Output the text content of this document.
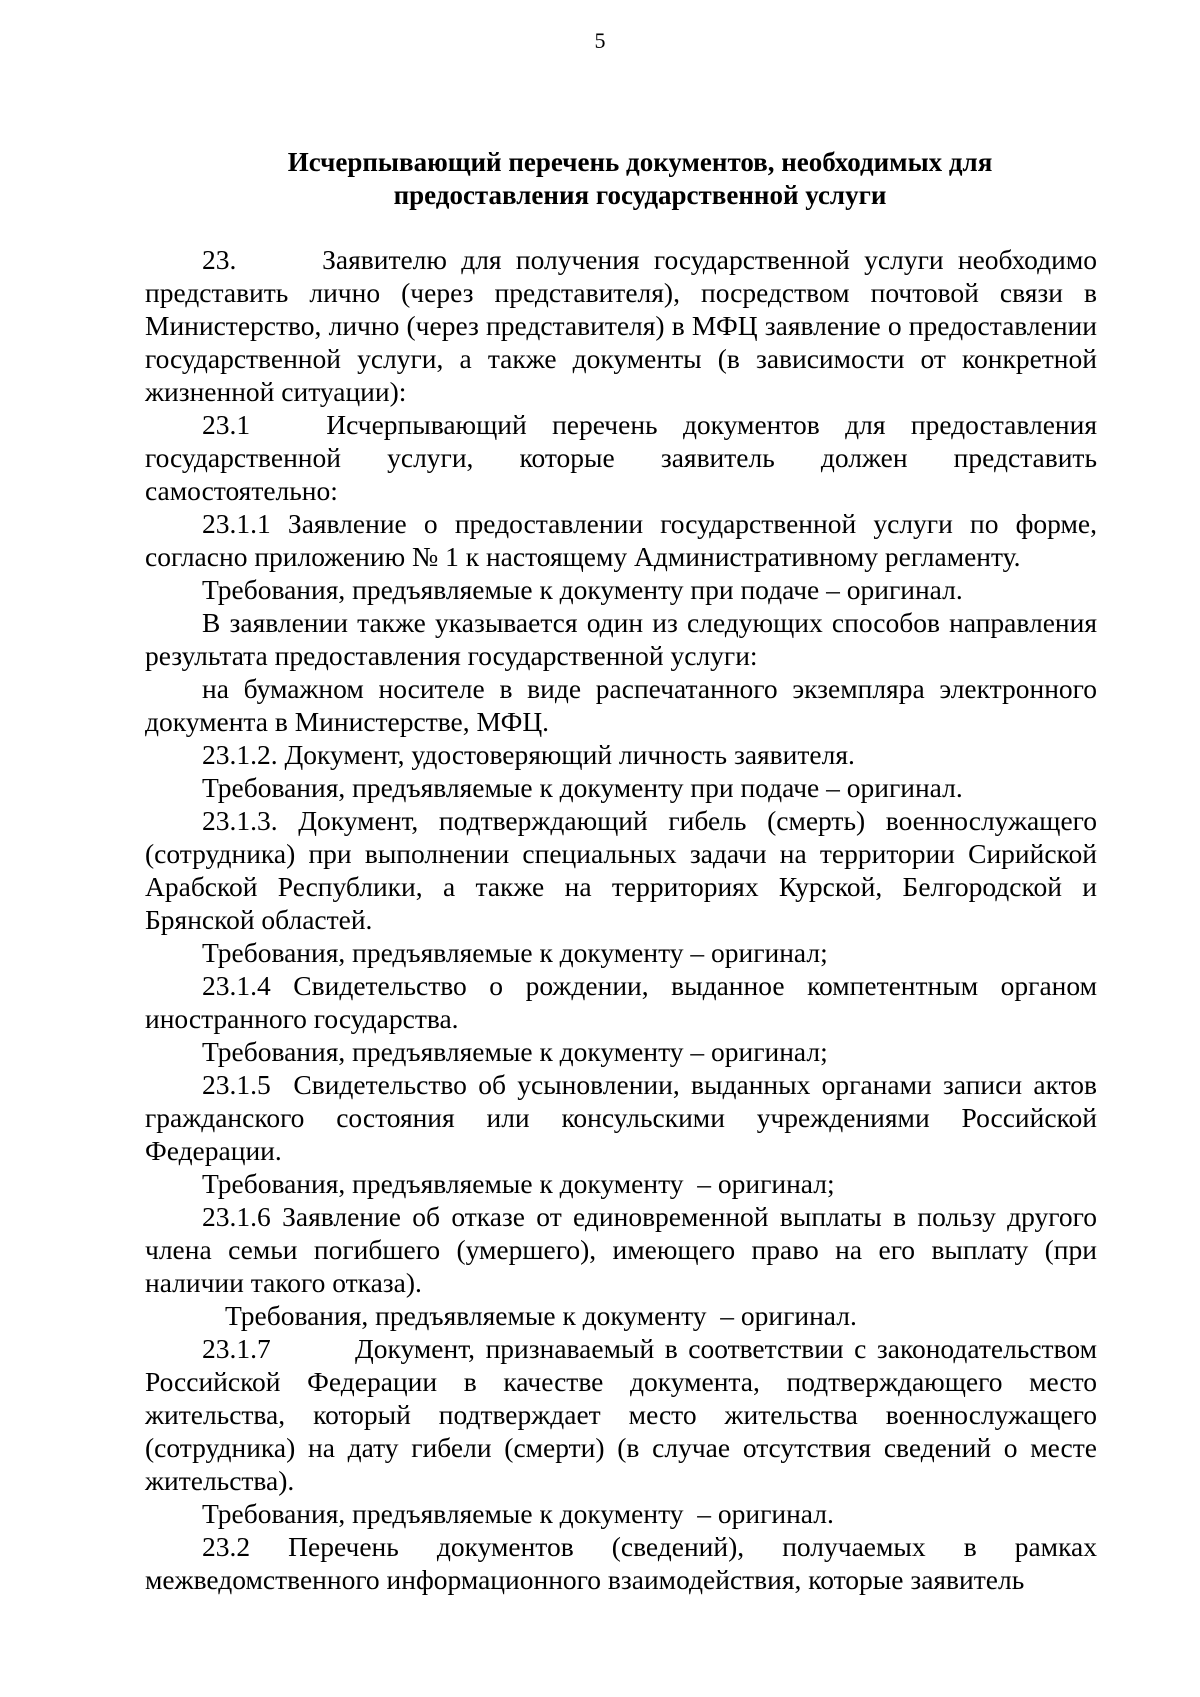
5
Исчерпывающий перечень документов, необходимых для
предоставления государственной услуги

23.      Заявителю для получения государственной услуги необходимо представить лично (через представителя), посредством почтовой связи в Министерство, лично (через представителя) в МФЦ заявление о предоставлении государственной услуги, а также документы (в зависимости от конкретной жизненной ситуации):

23.1   Исчерпывающий перечень документов для предоставления государственной услуги, которые заявитель должен представить самостоятельно:

23.1.1 Заявление о предоставлении государственной услуги по форме, согласно приложению № 1 к настоящему Административному регламенту.

Требования, предъявляемые к документу при подаче – оригинал.

В заявлении также указывается один из следующих способов направления результата предоставления государственной услуги:

на бумажном носителе в виде распечатанного экземпляра электронного документа в Министерстве, МФЦ.

23.1.2. Документ, удостоверяющий личность заявителя.

Требования, предъявляемые к документу при подаче – оригинал.

23.1.3. Документ, подтверждающий гибель (смерть) военнослужащего (сотрудника) при выполнении специальных задачи на территории Сирийской Арабской Республики, а также на территориях Курской, Белгородской и Брянской областей.

Требования, предъявляемые к документу – оригинал;

23.1.4 Свидетельство о рождении, выданное компетентным органом иностранного государства.

Требования, предъявляемые к документу – оригинал;

23.1.5  Свидетельство об усыновлении, выданных органами записи актов гражданского состояния или консульскими учреждениями Российской Федерации.

Требования, предъявляемые к документу  – оригинал;

23.1.6 Заявление об отказе от единовременной выплаты в пользу другого члена семьи погибшего (умершего), имеющего право на его выплату (при наличии такого отказа).

Требования, предъявляемые к документу  – оригинал.

23.1.7        Документ, признаваемый в соответствии с законодательством Российской Федерации в качестве документа, подтверждающего место жительства, который подтверждает место жительства военнослужащего (сотрудника) на дату гибели (смерти) (в случае отсутствия сведений о месте жительства).

Требования, предъявляемые к документу  – оригинал.

23.2 Перечень документов (сведений), получаемых в рамках межведомственного информационного взаимодействия, которые заявитель
